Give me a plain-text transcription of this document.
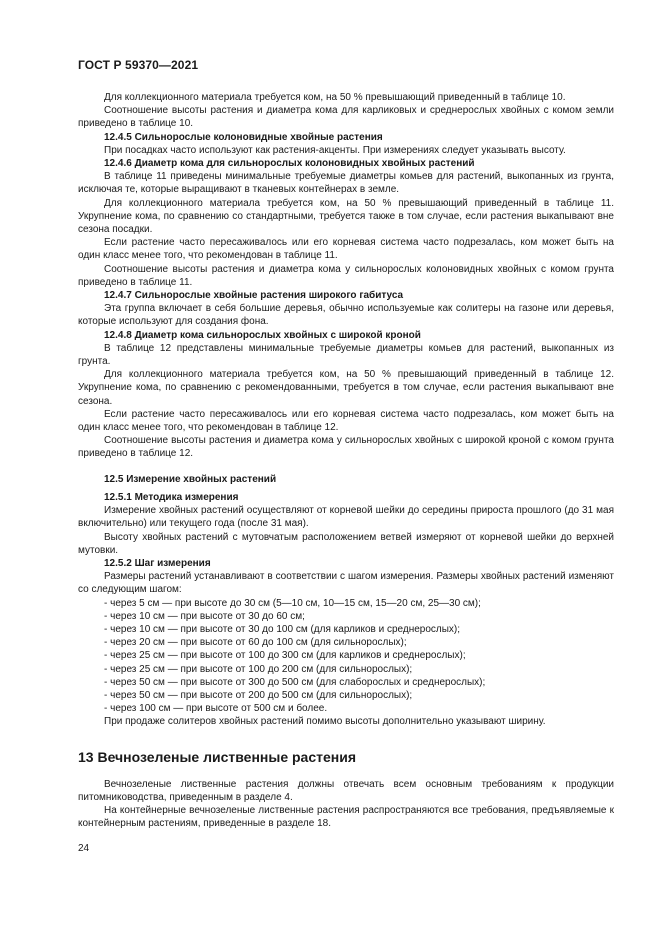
ГОСТ Р 59370—2021
Для коллекционного материала требуется ком, на 50 % превышающий приведенный в таблице 10.
Соотношение высоты растения и диаметра кома для карликовых и среднерослых хвойных с комом земли приведено в таблице 10.
12.4.5 Сильнорослые колоновидные хвойные растения
При посадках часто используют как растения-акценты. При измерениях следует указывать высоту.
12.4.6 Диаметр кома для сильнорослых колоновидных хвойных растений
В таблице 11 приведены минимальные требуемые диаметры комьев для растений, выкопанных из грунта, исключая те, которые выращивают в тканевых контейнерах в земле.
Для коллекционного материала требуется ком, на 50 % превышающий приведенный в таблице 11. Укрупнение кома, по сравнению со стандартными, требуется также в том случае, если растения выкапывают вне сезона посадки.
Если растение часто пересаживалось или его корневая система часто подрезалась, ком может быть на один класс менее того, что рекомендован в таблице 11.
Соотношение высоты растения и диаметра кома у сильнорослых колоновидных хвойных с комом грунта приведено в таблице 11.
12.4.7 Сильнорослые хвойные растения широкого габитуса
Эта группа включает в себя большие деревья, обычно используемые как солитеры на газоне или деревья, которые используют для создания фона.
12.4.8 Диаметр кома сильнорослых хвойных с широкой кроной
В таблице 12 представлены минимальные требуемые диаметры комьев для растений, выкопанных из грунта.
Для коллекционного материала требуется ком, на 50 % превышающий приведенный в таблице 12. Укрупнение кома, по сравнению с рекомендованными, требуется в том случае, если растения выкапывают вне сезона.
Если растение часто пересаживалось или его корневая система часто подрезалась, ком может быть на один класс менее того, что рекомендован в таблице 12.
Соотношение высоты растения и диаметра кома у сильнорослых хвойных с широкой кроной с комом грунта приведено в таблице 12.
12.5 Измерение хвойных растений
12.5.1 Методика измерения
Измерение хвойных растений осуществляют от корневой шейки до середины прироста прошлого (до 31 мая включительно) или текущего года (после 31 мая).
Высоту хвойных растений с мутовчатым расположением ветвей измеряют от корневой шейки до верхней мутовки.
12.5.2 Шаг измерения
Размеры растений устанавливают в соответствии с шагом измерения. Размеры хвойных растений изменяют со следующим шагом:
- через 5 см — при высоте до 30 см (5—10 см, 10—15 см, 15—20 см, 25—30 см);
- через 10 см — при высоте от 30 до 60 см;
- через 10 см — при высоте от 30 до 100 см (для карликов и среднерослых);
- через 20 см — при высоте от 60 до 100 см (для сильнорослых);
- через 25 см — при высоте от 100 до 300 см (для карликов и среднерослых);
- через 25 см — при высоте от 100 до 200 см (для сильнорослых);
- через 50 см — при высоте от 300 до 500 см (для слаборослых и среднерослых);
- через 50 см — при высоте от 200 до 500 см (для сильнорослых);
- через 100 см — при высоте от 500 см и более.
При продаже солитеров хвойных растений помимо высоты дополнительно указывают ширину.
13 Вечнозеленые лиственные растения
Вечнозеленые лиственные растения должны отвечать всем основным требованиям к продукции питомниководства, приведенным в разделе 4.
На контейнерные вечнозеленые лиственные растения распространяются все требования, предъявляемые к контейнерным растениям, приведенные в разделе 18.
24
